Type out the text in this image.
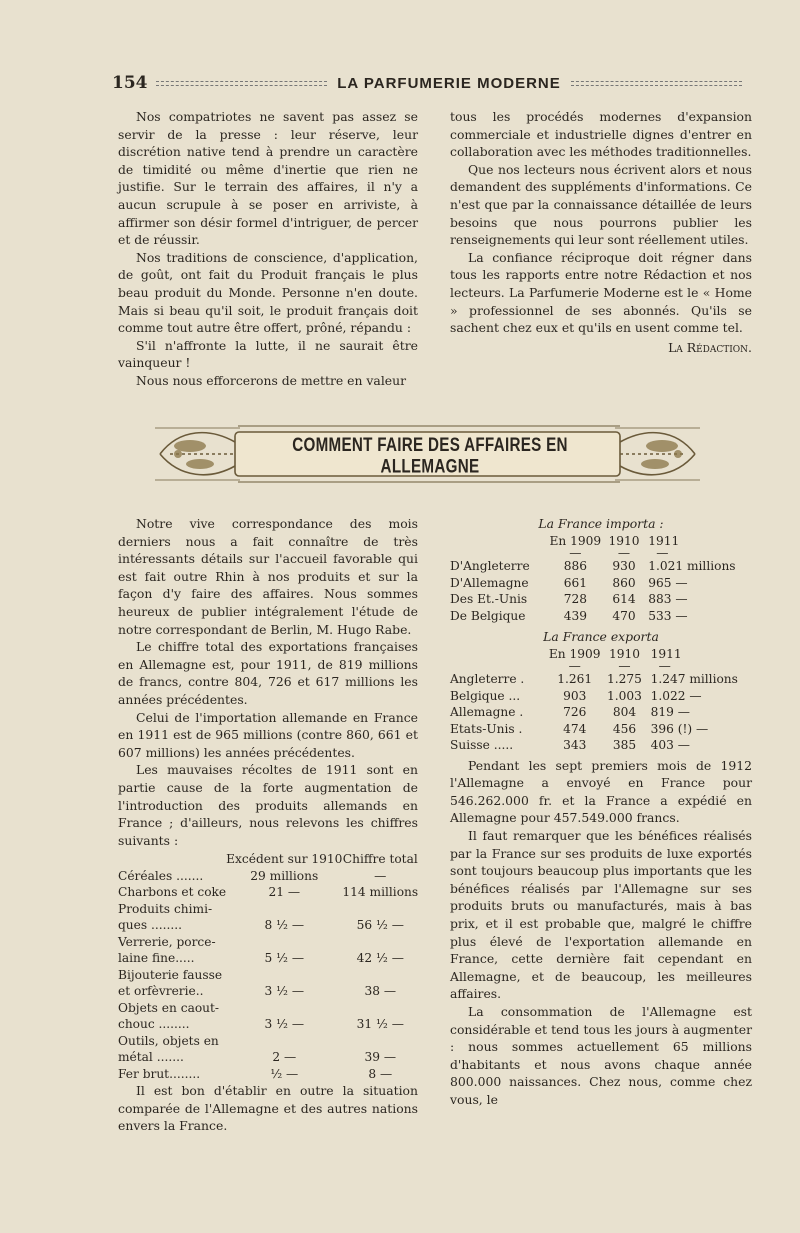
154	LA PARFUMERIE MODERNE

Nos compatriotes ne savent pas assez se servir de la presse : leur réserve, leur discrétion native tend à prendre un caractère de timidité ou même d'inertie que rien ne justifie. Sur le terrain des affaires, il n'y a aucun scrupule à se poser en arriviste, à affirmer son désir formel d'intriguer, de percer et de réussir.

Nos traditions de conscience, d'application, de goût, ont fait du Produit français le plus beau produit du Monde. Personne n'en doute. Mais si beau qu'il soit, le produit français doit comme tout autre être offert, prôné, répandu :

S'il n'affronte la lutte, il ne saurait être vainqueur !

Nous nous efforcerons de mettre en valeur

tous les procédés modernes d'expansion commerciale et industrielle dignes d'entrer en collaboration avec les méthodes traditionnelles.

Que nos lecteurs nous écrivent alors et nous demandent des suppléments d'informations. Ce n'est que par la connaissance détaillée de leurs besoins que nous pourrons publier les renseignements qui leur sont réellement utiles.

La confiance réciproque doit régner dans tous les rapports entre notre Rédaction et nos lecteurs. La Parfumerie Moderne est le « Home » professionnel de ses abonnés. Qu'ils se sachent chez eux et qu'ils en usent comme tel.

La Rédaction.
COMMENT FAIRE DES AFFAIRES EN ALLEMAGNE

Notre vive correspondance des mois derniers nous a fait connaître de très intéressants détails sur l'accueil favorable qui est fait outre Rhin à nos produits et sur la façon d'y faire des affaires. Nous sommes heureux de publier intégralement l'étude de notre correspondant de Berlin, M. Hugo Rabe.

Le chiffre total des exportations françaises en Allemagne est, pour 1911, de 819 millions de francs, contre 804, 726 et 617 millions les années précédentes.

Celui de l'importation allemande en France en 1911 est de 965 millions (contre 860, 661 et 607 millions) les années précédentes.

Les mauvaises récoltes de 1911 sont en partie cause de la forte augmentation de l'introduction des produits allemands en France ; d'ailleurs, nous relevons les chiffres suivants :

	Excédent sur 1910	Chiffre total
Céréales .......	29 millions	—
Charbons et coke	21 —	114 millions
Produits chimi-		
ques ........	8 ½ —	56 ½ —
Verrerie, porce-		
laine fine.....	5 ½ —	42 ½ —
Bijouterie fausse		
et orfèvrerie..	3 ½ —	38 —
Objets en caout-		
chouc ........	3 ½ —	31 ½ —
Outils, objets en		
métal .......	2 —	39 —
Fer brut........	½ —	8 —

Il est bon d'établir en outre la situation comparée de l'Allemagne et des autres nations envers la France.

La France importa :
	En 1909	1910	1911
	—	—	—
D'Angleterre	886	930	1.021 millions
D'Allemagne	661	860	965 —
Des Et.-Unis	728	614	883 —
De Belgique	439	470	533 —
La France exporta
	En 1909	1910	1911
	—	—	—
Angleterre .	1.261	1.275	1.247 millions
Belgique ...	903	1.003	1.022 —
Allemagne .	726	804	819 —
Etats-Unis .	474	456	396 (!) —
Suisse .....	343	385	403 —

Pendant les sept premiers mois de 1912 l'Allemagne a envoyé en France pour 546.262.000 fr. et la France a expédié en Allemagne pour 457.549.000 francs.

Il faut remarquer que les bénéfices réalisés par la France sur ses produits de luxe exportés sont toujours beaucoup plus importants que les bénéfices réalisés par l'Allemagne sur ses produits bruts ou manufacturés, mais à bas prix, et il est probable que, malgré le chiffre plus élevé de l'exportation allemande en France, cette dernière fait cependant en Allemagne, et de beaucoup, les meilleures affaires.

La consommation de l'Allemagne est considérable et tend tous les jours à augmenter : nous sommes actuellement 65 millions d'habitants et nous avons chaque année 800.000 naissances. Chez nous, comme chez vous, le
